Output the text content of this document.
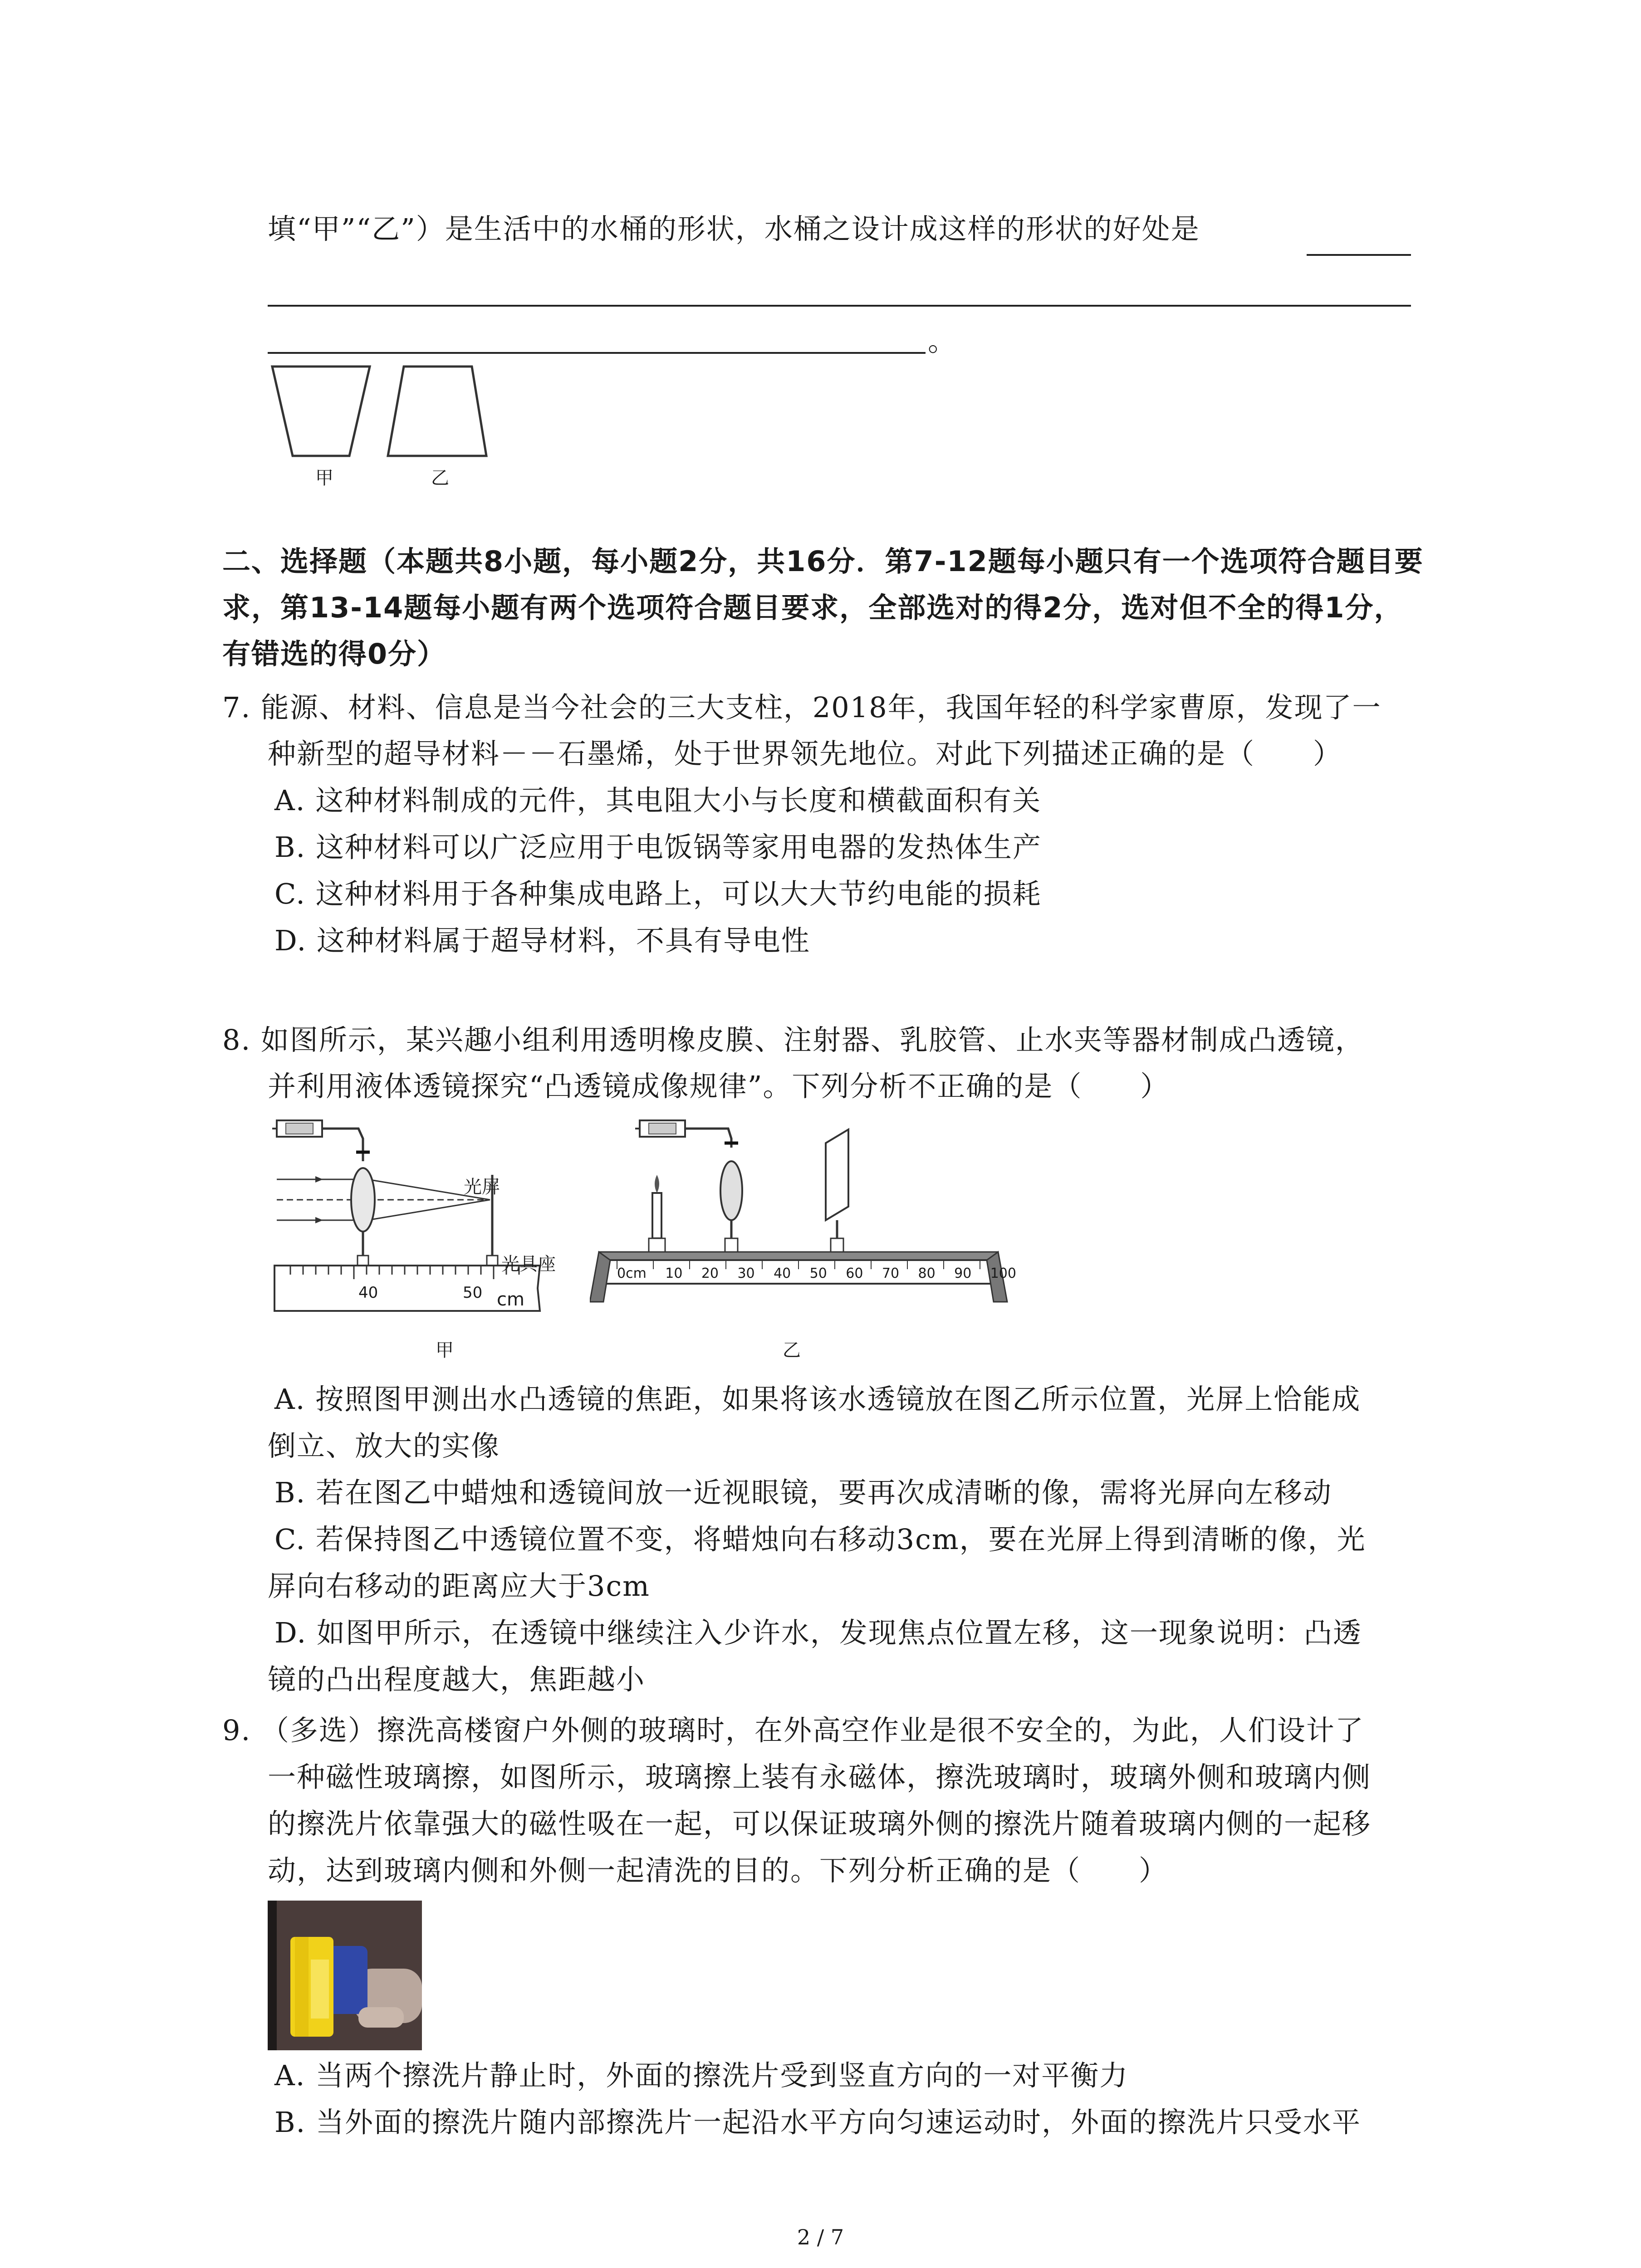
填“甲”“乙”）是生活中的水桶的形状，水桶之设计成这样的形状的好处是
。
甲	乙
二、选择题（本题共8小题，每小题2分，共16分．第7-12题每小题只有一个选项符合题目要
求，第13-14题每小题有两个选项符合题目要求，全部选对的得2分，选对但不全的得1分，
有错选的得0分）
7. 能源、材料、信息是当今社会的三大支柱，2018年，我国年轻的科学家曹原，发现了一
种新型的超导材料－－石墨烯，处于世界领先地位。对此下列描述正确的是（　　）
A. 这种材料制成的元件，其电阻大小与长度和横截面积有关
B. 这种材料可以广泛应用于电饭锅等家用电器的发热体生产
C. 这种材料用于各种集成电路上，可以大大节约电能的损耗
D. 这种材料属于超导材料，不具有导电性
8. 如图所示，某兴趣小组利用透明橡皮膜、注射器、乳胶管、止水夹等器材制成凸透镜，
并利用液体透镜探究“凸透镜成像规律”。下列分析不正确的是（　　）
光屏
光具座
40	50 cm
甲
0cm 10 20 30 40 50 60 70 80 90 100
乙
A. 按照图甲测出水凸透镜的焦距，如果将该水透镜放在图乙所示位置，光屏上恰能成
倒立、放大的实像
B. 若在图乙中蜡烛和透镜间放一近视眼镜，要再次成清晰的像，需将光屏向左移动
C. 若保持图乙中透镜位置不变，将蜡烛向右移动3cm，要在光屏上得到清晰的像，光
屏向右移动的距离应大于3cm
D. 如图甲所示，在透镜中继续注入少许水，发现焦点位置左移，这一现象说明：凸透
镜的凸出程度越大，焦距越小
9. （多选）擦洗高楼窗户外侧的玻璃时，在外高空作业是很不安全的，为此，人们设计了
一种磁性玻璃擦，如图所示，玻璃擦上装有永磁体，擦洗玻璃时，玻璃外侧和玻璃内侧
的擦洗片依靠强大的磁性吸在一起，可以保证玻璃外侧的擦洗片随着玻璃内侧的一起移
动，达到玻璃内侧和外侧一起清洗的目的。下列分析正确的是（　　）
A. 当两个擦洗片静止时，外面的擦洗片受到竖直方向的一对平衡力
B. 当外面的擦洗片随内部擦洗片一起沿水平方向匀速运动时，外面的擦洗片只受水平
2 / 7
